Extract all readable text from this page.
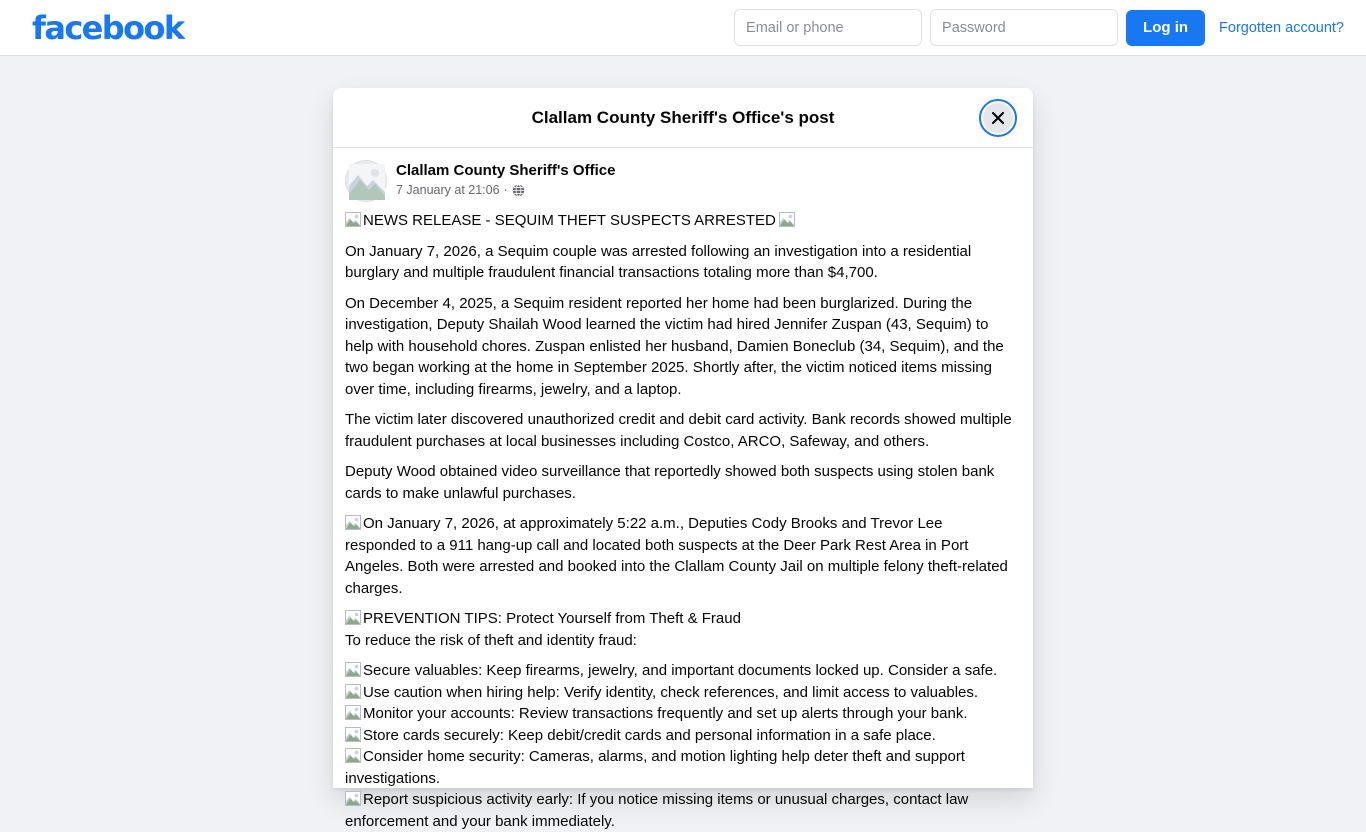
facebook
Email or phone	Log in	Forgotten account?
Clallam County Sheriff's Office's post
Clallam County Sheriff's Office
7 January at 21:06 ·

NEWS RELEASE - SEQUIM THEFT SUSPECTS ARRESTED

On January 7, 2026, a Sequim couple was arrested following an investigation into a residential burglary and multiple fraudulent financial transactions totaling more than $4,700.

On December 4, 2025, a Sequim resident reported her home had been burglarized. During the investigation, Deputy Shailah Wood learned the victim had hired Jennifer Zuspan (43, Sequim) to help with household chores. Zuspan enlisted her husband, Damien Boneclub (34, Sequim), and the two began working at the home in September 2025. Shortly after, the victim noticed items missing over time, including firearms, jewelry, and a laptop.

The victim later discovered unauthorized credit and debit card activity. Bank records showed multiple fraudulent purchases at local businesses including Costco, ARCO, Safeway, and others.

Deputy Wood obtained video surveillance that reportedly showed both suspects using stolen bank cards to make unlawful purchases.

On January 7, 2026, at approximately 5:22 a.m., Deputies Cody Brooks and Trevor Lee responded to a 911 hang-up call and located both suspects at the Deer Park Rest Area in Port Angeles. Both were arrested and booked into the Clallam County Jail on multiple felony theft-related charges.

PREVENTION TIPS: Protect Yourself from Theft & Fraud

To reduce the risk of theft and identity fraud:

Secure valuables: Keep firearms, jewelry, and important documents locked up. Consider a safe.

Use caution when hiring help: Verify identity, check references, and limit access to valuables.

Monitor your accounts: Review transactions frequently and set up alerts through your bank.

Store cards securely: Keep debit/credit cards and personal information in a safe place.

Consider home security: Cameras, alarms, and motion lighting help deter theft and support investigations.

Report suspicious activity early: If you notice missing items or unusual charges, contact law enforcement and your bank immediately.
